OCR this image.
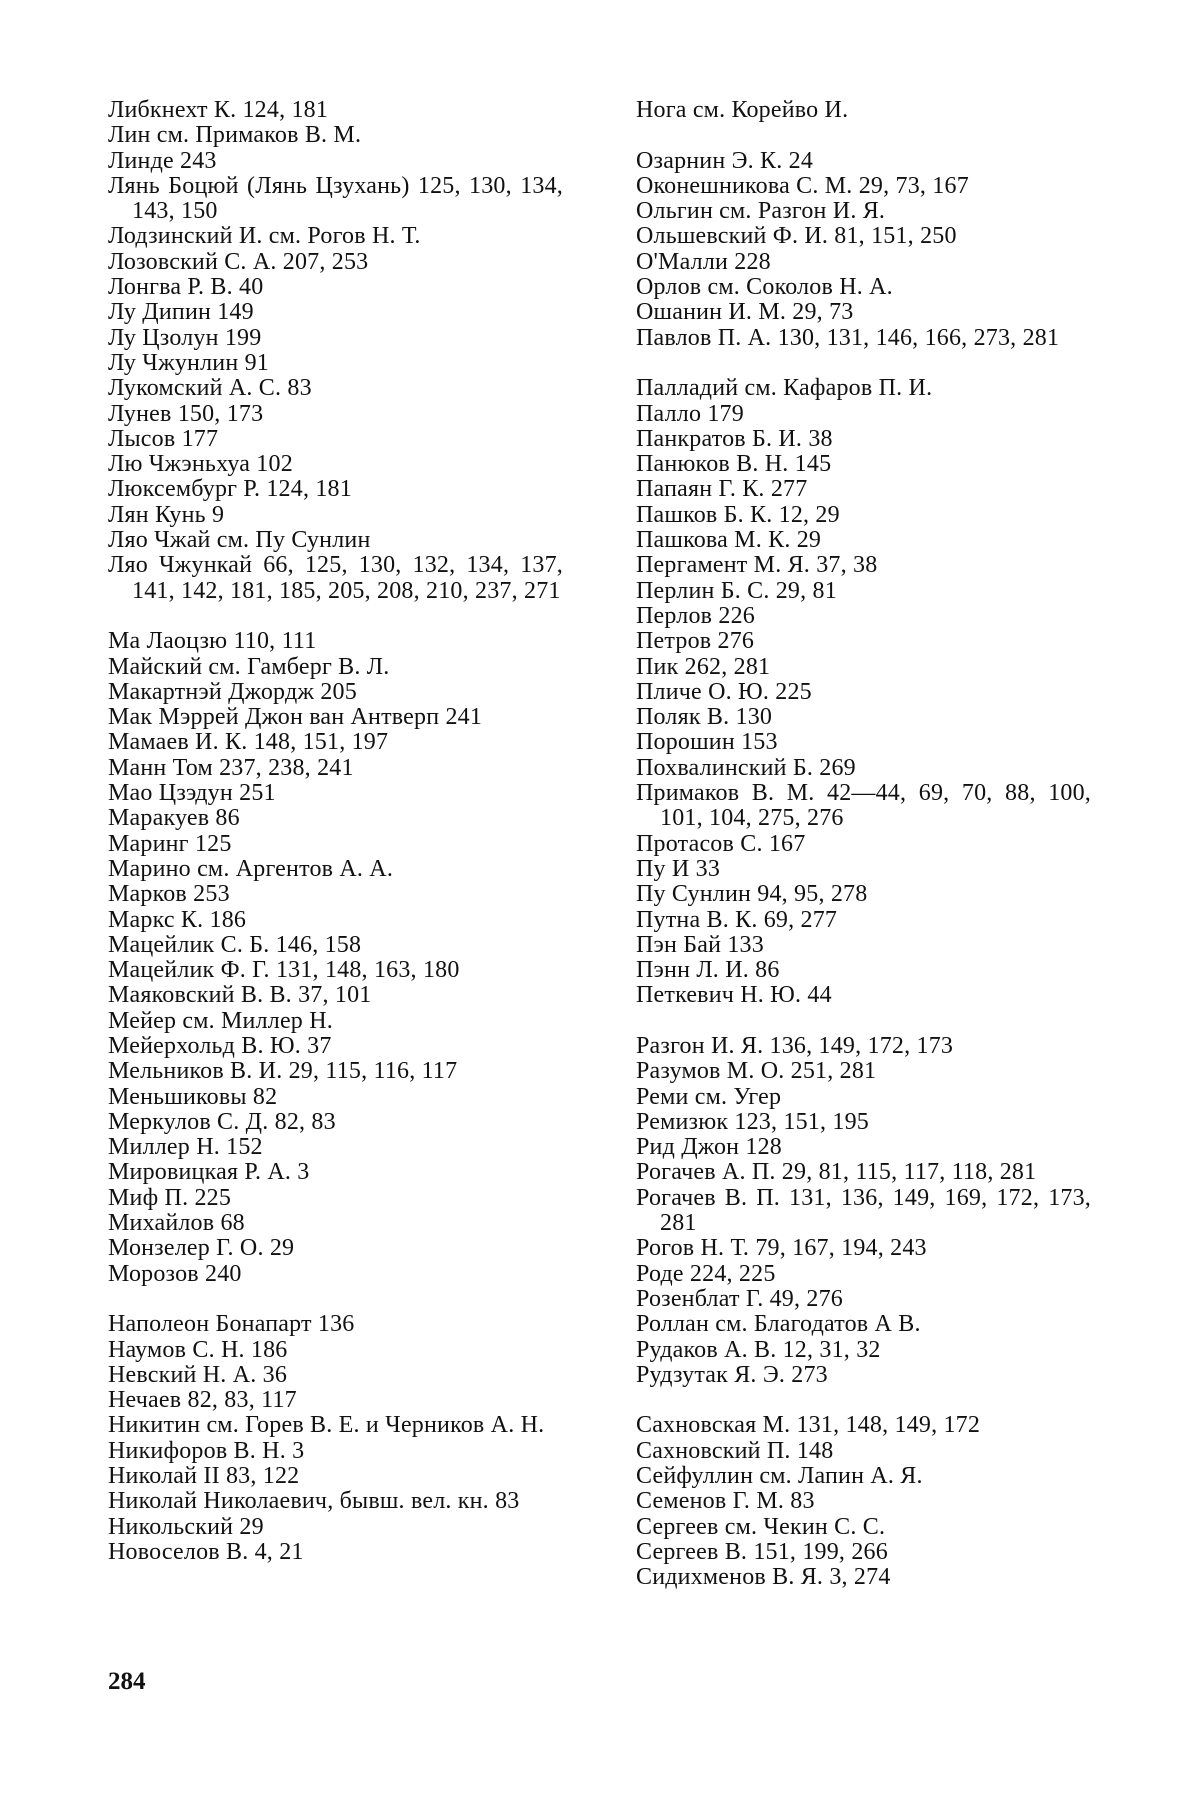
Либкнехт К. 124, 181
Лин см. Примаков В. М.
Линде 243
Лянь Боцюй (Лянь Цзухань) 125, 130, 134, 143, 150
Лодзинский И. см. Рогов Н. Т.
Лозовский С. А. 207, 253
Лонгва Р. В. 40
Лу Дипин 149
Лу Цзолун 199
Лу Чжунлин 91
Лукомский А. С. 83
Лунев 150, 173
Лысов 177
Лю Чжэньхуа 102
Люксембург Р. 124, 181
Лян Кунь 9
Ляо Чжай см. Пу Сунлин
Ляо Чжункай 66, 125, 130, 132, 134, 137, 141, 142, 181, 185, 205, 208, 210, 237, 271
Ма Лаоцзю 110, 111
Майский см. Гамберг В. Л.
Макартнэй Джордж 205
Мак Мэррей Джон ван Антверп 241
Мамаев И. К. 148, 151, 197
Манн Том 237, 238, 241
Мао Цзэдун 251
Маракуев 86
Маринг 125
Марино см. Аргентов А. А.
Марков 253
Маркс К. 186
Мацейлик С. Б. 146, 158
Мацейлик Ф. Г. 131, 148, 163, 180
Маяковский В. В. 37, 101
Мейер см. Миллер Н.
Мейерхольд В. Ю. 37
Мельников В. И. 29, 115, 116, 117
Меньшиковы 82
Меркулов С. Д. 82, 83
Миллер Н. 152
Мировицкая Р. А. 3
Миф П. 225
Михайлов 68
Монзелер Г. О. 29
Морозов 240
Наполеон Бонапарт 136
Наумов С. Н. 186
Невский Н. А. 36
Нечаев 82, 83, 117
Никитин см. Горев В. Е. и Черников А. Н.
Никифоров В. Н. 3
Николай II 83, 122
Николай Николаевич, бывш. вел. кн. 83
Никольский 29
Новоселов В. 4, 21
Нога см. Корейво И.
Озарнин Э. К. 24
Оконешникова С. М. 29, 73, 167
Ольгин см. Разгон И. Я.
Ольшевский Ф. И. 81, 151, 250
О'Малли 228
Орлов см. Соколов Н. А.
Ошанин И. М. 29, 73
Павлов П. А. 130, 131, 146, 166, 273, 281
Палладий см. Кафаров П. И.
Палло 179
Панкратов Б. И. 38
Панюков В. Н. 145
Папаян Г. К. 277
Пашков Б. К. 12, 29
Пашкова М. К. 29
Пергамент М. Я. 37, 38
Перлин Б. С. 29, 81
Перлов 226
Петров 276
Пик 262, 281
Пличе О. Ю. 225
Поляк В. 130
Порошин 153
Похвалинский Б. 269
Примаков В. М. 42—44, 69, 70, 88, 100, 101, 104, 275, 276
Протасов С. 167
Пу И 33
Пу Сунлин 94, 95, 278
Путна В. К. 69, 277
Пэн Бай 133
Пэнн Л. И. 86
Петкевич Н. Ю. 44
Разгон И. Я. 136, 149, 172, 173
Разумов М. О. 251, 281
Реми см. Угер
Ремизюк 123, 151, 195
Рид Джон 128
Рогачев А. П. 29, 81, 115, 117, 118, 281
Рогачев В. П. 131, 136, 149, 169, 172, 173, 281
Рогов Н. Т. 79, 167, 194, 243
Роде 224, 225
Розенблат Г. 49, 276
Роллан см. Благодатов А В.
Рудаков А. В. 12, 31, 32
Рудзутак Я. Э. 273
Сахновская М. 131, 148, 149, 172
Сахновский П. 148
Сейфуллин см. Лапин А. Я.
Семенов Г. М. 83
Сергеев см. Чекин С. С.
Сергеев В. 151, 199, 266
Сидихменов В. Я. 3, 274
284
